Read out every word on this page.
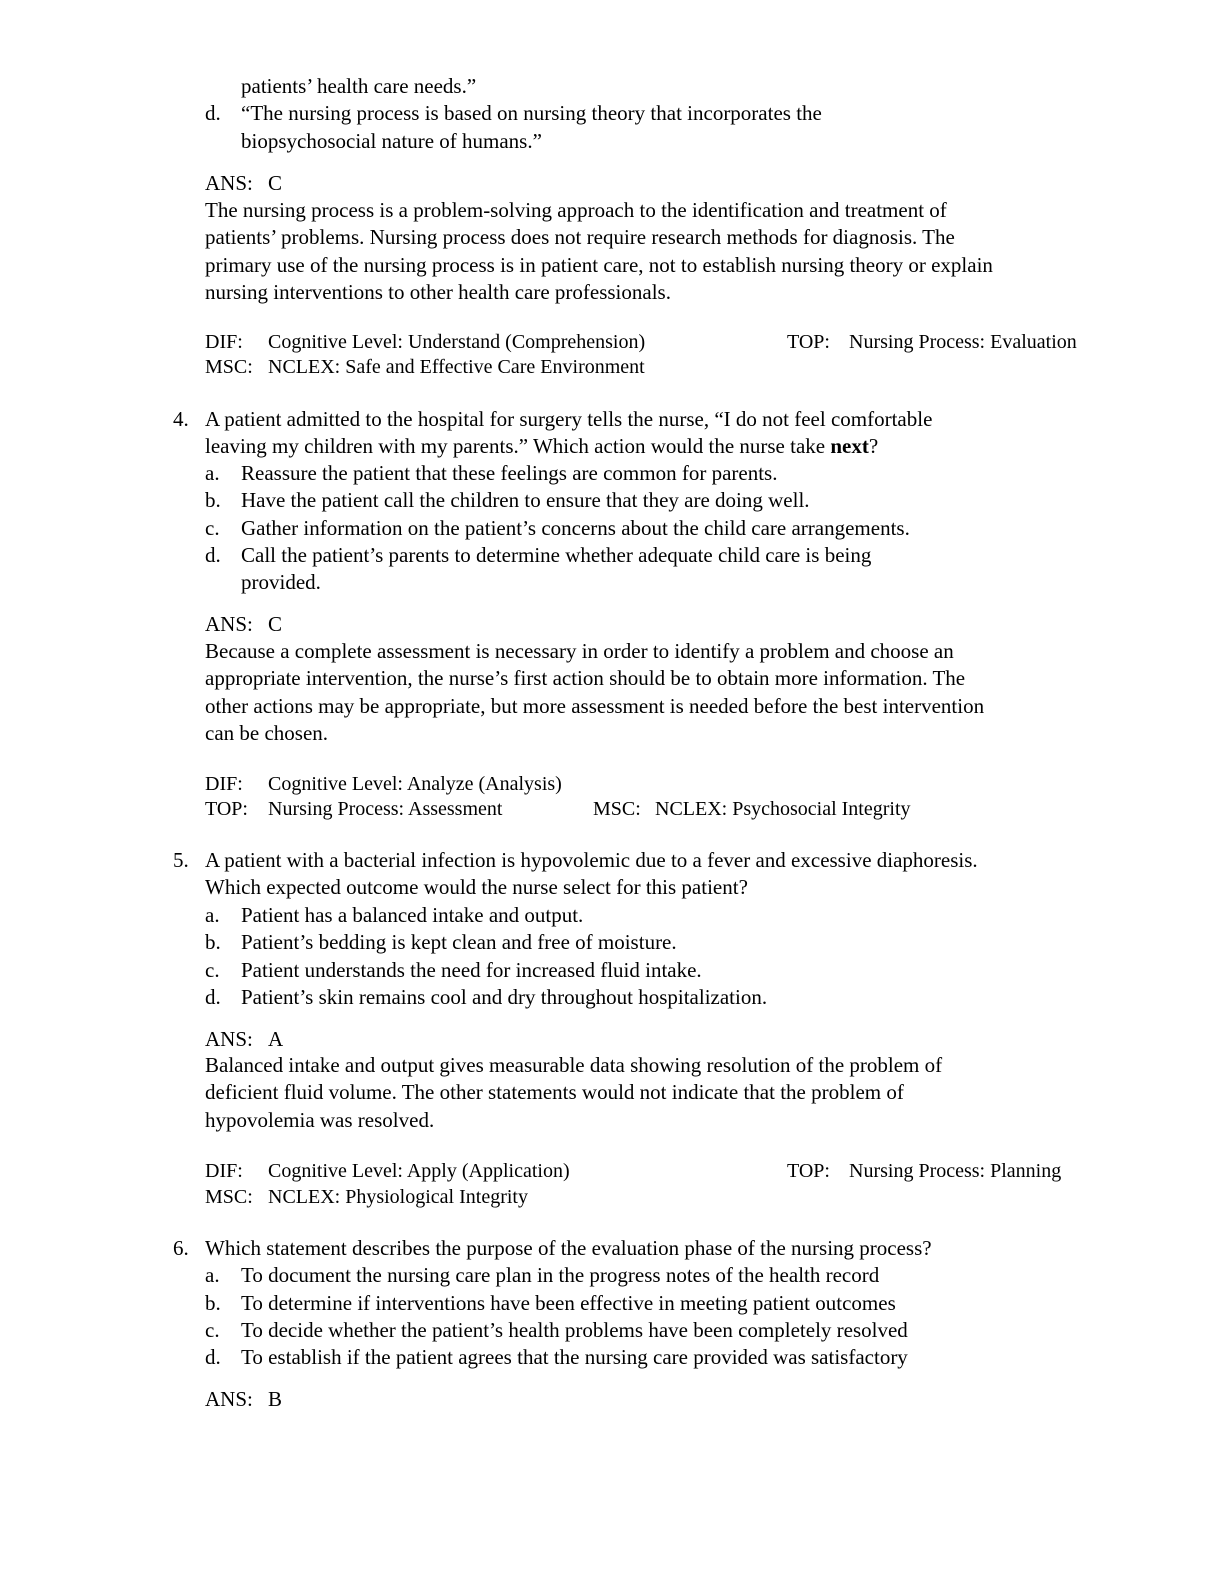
patients’ health care needs.”
d. “The nursing process is based on nursing theory that incorporates the
biopsychosocial nature of humans.”
ANS: C
The nursing process is a problem-solving approach to the identification and treatment of
patients’ problems. Nursing process does not require research methods for diagnosis. The
primary use of the nursing process is in patient care, not to establish nursing theory or explain
nursing interventions to other health care professionals.
DIF: Cognitive Level: Understand (Comprehension)	TOP: Nursing Process: Evaluation
MSC: NCLEX: Safe and Effective Care Environment
4. A patient admitted to the hospital for surgery tells the nurse, “I do not feel comfortable
leaving my children with my parents.” Which action would the nurse take next?
a. Reassure the patient that these feelings are common for parents.
b. Have the patient call the children to ensure that they are doing well.
c. Gather information on the patient’s concerns about the child care arrangements.
d. Call the patient’s parents to determine whether adequate child care is being
provided.
ANS: C
Because a complete assessment is necessary in order to identify a problem and choose an
appropriate intervention, the nurse’s first action should be to obtain more information. The
other actions may be appropriate, but more assessment is needed before the best intervention
can be chosen.
DIF: Cognitive Level: Analyze (Analysis)
TOP: Nursing Process: Assessment	MSC: NCLEX: Psychosocial Integrity
5. A patient with a bacterial infection is hypovolemic due to a fever and excessive diaphoresis.
Which expected outcome would the nurse select for this patient?
a. Patient has a balanced intake and output.
b. Patient’s bedding is kept clean and free of moisture.
c. Patient understands the need for increased fluid intake.
d. Patient’s skin remains cool and dry throughout hospitalization.
ANS: A
Balanced intake and output gives measurable data showing resolution of the problem of
deficient fluid volume. The other statements would not indicate that the problem of
hypovolemia was resolved.
DIF: Cognitive Level: Apply (Application)	TOP: Nursing Process: Planning
MSC: NCLEX: Physiological Integrity
6. Which statement describes the purpose of the evaluation phase of the nursing process?
a. To document the nursing care plan in the progress notes of the health record
b. To determine if interventions have been effective in meeting patient outcomes
c. To decide whether the patient’s health problems have been completely resolved
d. To establish if the patient agrees that the nursing care provided was satisfactory
ANS: B
